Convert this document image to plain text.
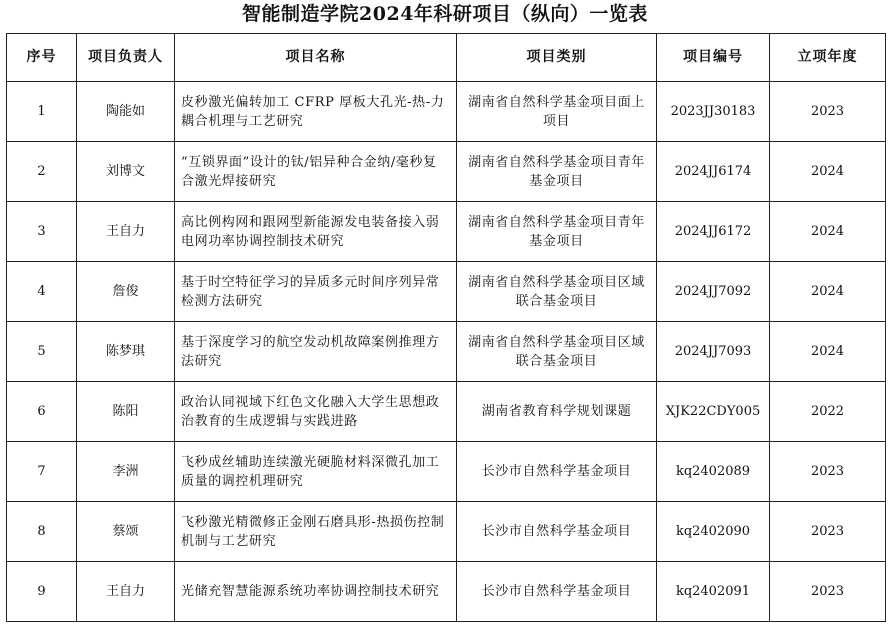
智能制造学院2024年科研项目（纵向）一览表
序号	项目负责人	项目名称	项目类别	项目编号	立项年度
1	陶能如	皮秒激光偏转加工 CFRP 厚板大孔光-热-力耦合机理与工艺研究	湖南省自然科学基金项目面上项目	2023JJ30183	2023
2	刘博文	“互锁界面”设计的钛/铝异种合金纳/毫秒复合激光焊接研究	湖南省自然科学基金项目青年基金项目	2024JJ6174	2024
3	王自力	高比例构网和跟网型新能源发电装备接入弱电网功率协调控制技术研究	湖南省自然科学基金项目青年基金项目	2024JJ6172	2024
4	詹俊	基于时空特征学习的异质多元时间序列异常检测方法研究	湖南省自然科学基金项目区域联合基金项目	2024JJ7092	2024
5	陈梦琪	基于深度学习的航空发动机故障案例推理方法研究	湖南省自然科学基金项目区域联合基金项目	2024JJ7093	2024
6	陈阳	政治认同视域下红色文化融入大学生思想政治教育的生成逻辑与实践进路	湖南省教育科学规划课题	XJK22CDY005	2022
7	李洲	飞秒成丝辅助连续激光硬脆材料深微孔加工质量的调控机理研究	长沙市自然科学基金项目	kq2402089	2023
8	蔡颂	飞秒激光精微修正金刚石磨具形-热损伤控制机制与工艺研究	长沙市自然科学基金项目	kq2402090	2023
9	王自力	光储充智慧能源系统功率协调控制技术研究	长沙市自然科学基金项目	kq2402091	2023
